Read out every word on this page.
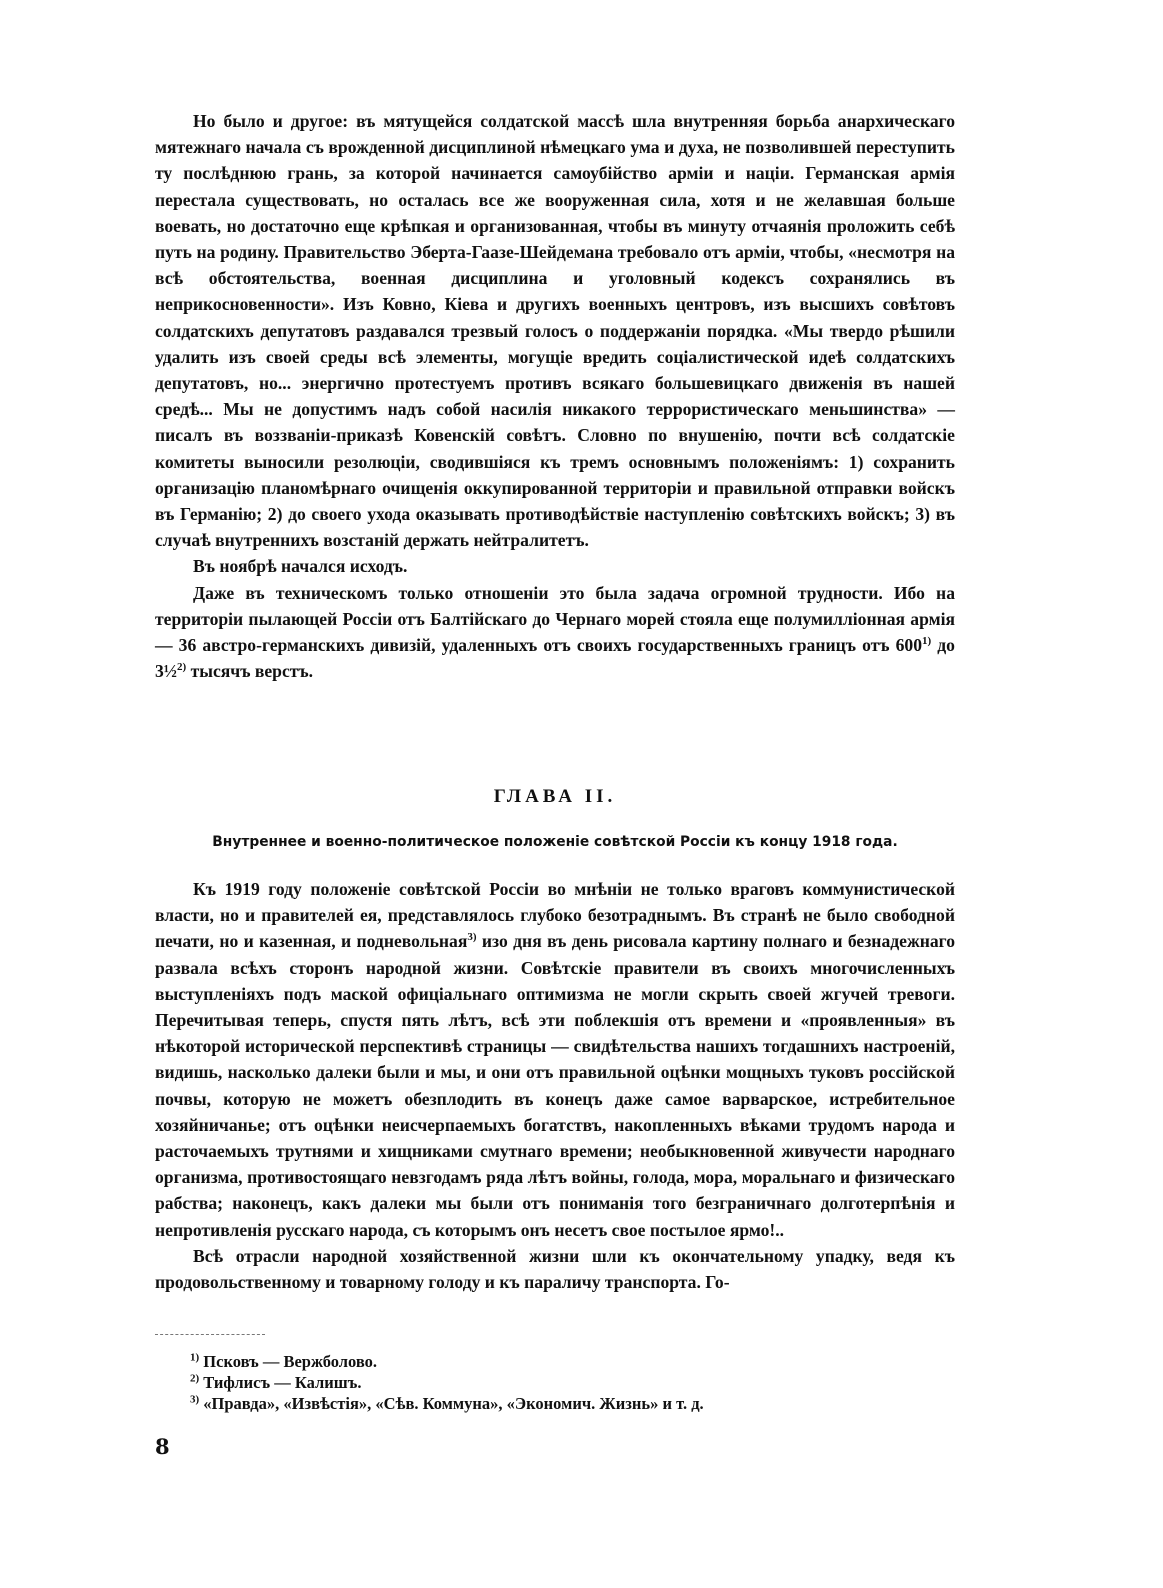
Но было и другое: въ мятущейся солдатской массѣ шла внутренняя борьба анархическаго мятежнаго начала съ врожденной дисциплиной нѣмецкаго ума и духа, не позволившей переступить ту послѣднюю грань, за которой начинается самоубійство арміи и націи. Германская армія перестала существовать, но осталась все же вооруженная сила, хотя и не желавшая больше воевать, но достаточно еще крѣпкая и организованная, чтобы въ минуту отчаянія проложить себѣ путь на родину. Правительство Эберта-Гаазе-Шейдемана требовало отъ арміи, чтобы, «несмотря на всѣ обстоятельства, военная дисциплина и уголовный кодексъ сохранялись въ неприкосновенности». Изъ Ковно, Кіева и другихъ военныхъ центровъ, изъ высшихъ совѣтовъ солдатскихъ депутатовъ раздавался трезвый голосъ о поддержаніи порядка. «Мы твердо рѣшили удалить изъ своей среды всѣ элементы, могущіе вредить соціалистической идеѣ солдатскихъ депутатовъ, но... энергично протестуемъ противъ всякаго большевицкаго движенія въ нашей средѣ... Мы не допустимъ надъ собой насилія никакого террористическаго меньшинства» — писалъ въ воззваніи-приказѣ Ковенскій совѣтъ. Словно по внушенію, почти всѣ солдатскіе комитеты выносили резолюціи, сводившіяся къ тремъ основнымъ положеніямъ: 1) сохранить организацію планомѣрнаго очищенія оккупированной территоріи и правильной отправки войскъ въ Германію; 2) до своего ухода оказывать противодѣйствіе наступленію совѣтскихъ войскъ; 3) въ случаѣ внутреннихъ возстаній держать нейтралитетъ.

Въ ноябрѣ начался исходъ.

Даже въ техническомъ только отношеніи это была задача огромной трудности. Ибо на территоріи пылающей Россіи отъ Балтійскаго до Чернаго морей стояла еще полумилліонная армія — 36 австро-германскихъ дивизій, удаленныхъ отъ своихъ государственныхъ границъ отъ 600$^{1)}$ до 3½$^{2)}$ тысячъ верстъ.

ГЛАВА II.
Внутреннее и военно-политическое положеніе совѣтской Россіи къ концу 1918 года.

Къ 1919 году положеніе совѣтской Россіи во мнѣніи не только враговъ коммунистической власти, но и правителей ея, представлялось глубоко безотраднымъ. Въ странѣ не было свободной печати, но и казенная, и подневольная$^{3)}$ изо дня въ день рисовала картину полнаго и безнадежнаго развала всѣхъ сторонъ народной жизни. Совѣтскіе правители въ своихъ многочисленныхъ выступленіяхъ подъ маской офиціальнаго оптимизма не могли скрыть своей жгучей тревоги. Перечитывая теперь, спустя пять лѣтъ, всѣ эти поблекшія отъ времени и «проявленныя» въ нѣкоторой исторической перспективѣ страницы — свидѣтельства нашихъ тогдашнихъ настроеній, видишь, насколько далеки были и мы, и они отъ правильной оцѣнки мощныхъ туковъ россійской почвы, которую не можетъ обезплодить въ конецъ даже самое варварское, истребительное хозяйничанье; отъ оцѣнки неисчерпаемыхъ богатствъ, накопленныхъ вѣками трудомъ народа и расточаемыхъ трутнями и хищниками смутнаго времени; необыкновенной живучести народнаго организма, противостоящаго невзгодамъ ряда лѣтъ войны, голода, мора, моральнаго и физическаго рабства; наконецъ, какъ далеки мы были отъ пониманія того безграничнаго долготерпѣнія и непротивленія русскаго народа, съ которымъ онъ несетъ свое постылое ярмо!..

Всѣ отрасли народной хозяйственной жизни шли къ окончательному упадку, ведя къ продовольственному и товарному голоду и къ параличу транспорта. Го-

$^{1)}$ Псковъ — Вержболово.
$^{2)}$ Тифлисъ — Калишъ.
$^{3)}$ «Правда», «Извѣстія», «Сѣв. Коммуна», «Экономич. Жизнь» и т. д.
8
